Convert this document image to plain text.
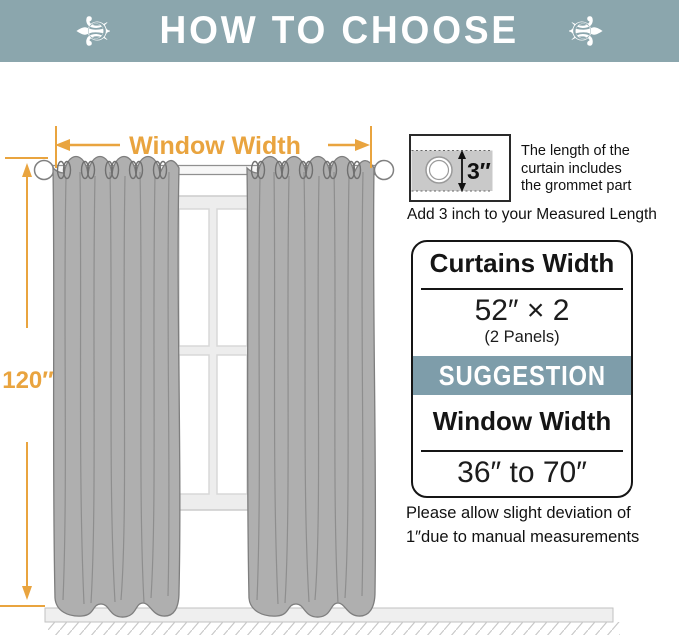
⚜ HOW TO CHOOSE ⚜
Window Width
120″
3″
The length of the
curtain includes
the grommet part
Add 3 inch to your Measured Length
Curtains Width
52″ × 2
(2 Panels)
SUGGESTION
Window Width
36″ to 70″
Please allow slight deviation of
1″due to manual measurements
